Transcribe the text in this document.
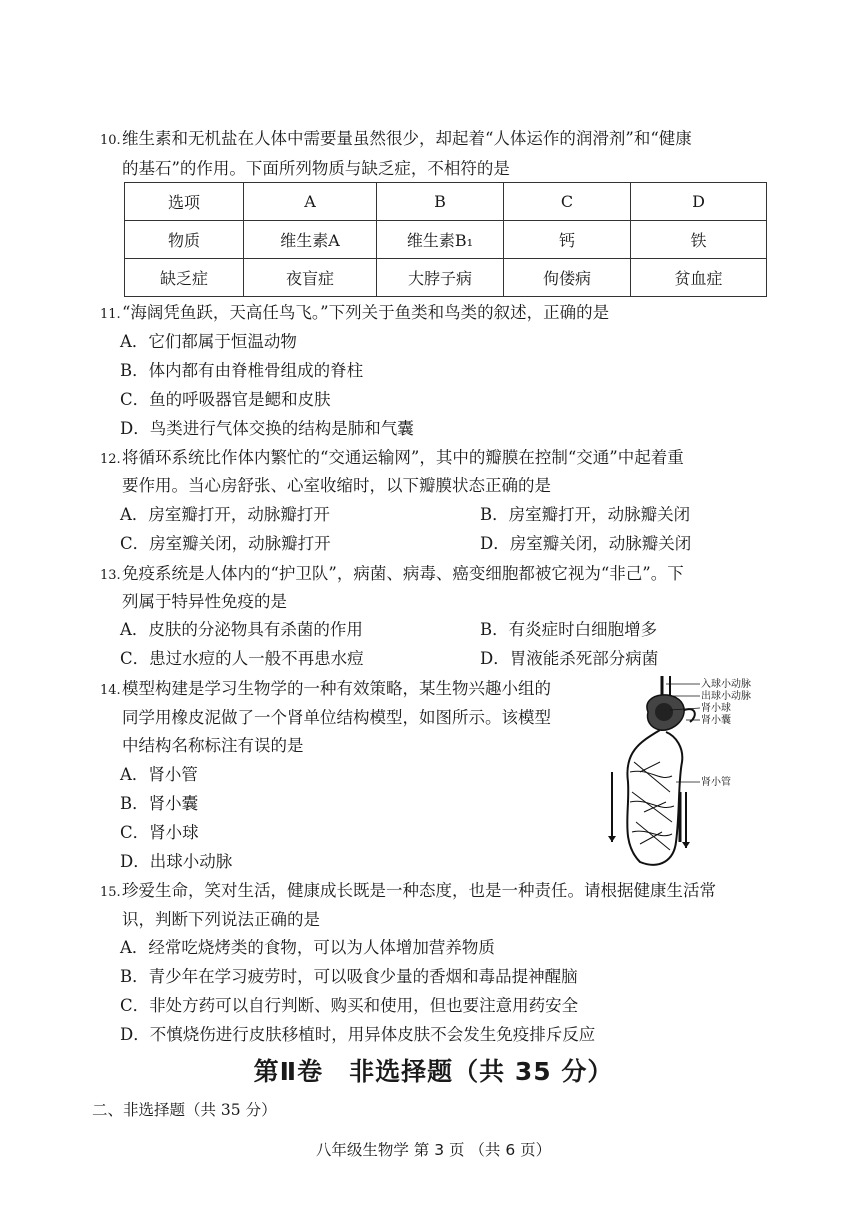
10.维生素和无机盐在人体中需要量虽然很少，却起着“人体运作的润滑剂”和“健康
的基石”的作用。下面所列物质与缺乏症，不相符的是
选项	A	B	C	D
物质	维生素A	维生素B₁	钙	铁
缺乏症	夜盲症	大脖子病	佝偻病	贫血症
11.“海阔凭鱼跃，天高任鸟飞。”下列关于鱼类和鸟类的叙述，正确的是
A．它们都属于恒温动物
B．体内都有由脊椎骨组成的脊柱
C．鱼的呼吸器官是鳃和皮肤
D．鸟类进行气体交换的结构是肺和气囊
12.将循环系统比作体内繁忙的“交通运输网”，其中的瓣膜在控制“交通”中起着重
要作用。当心房舒张、心室收缩时，以下瓣膜状态正确的是
A．房室瓣打开，动脉瓣打开	B．房室瓣打开，动脉瓣关闭
C．房室瓣关闭，动脉瓣打开	D．房室瓣关闭，动脉瓣关闭
13.免疫系统是人体内的“护卫队”，病菌、病毒、癌变细胞都被它视为“非己”。下
列属于特异性免疫的是
A．皮肤的分泌物具有杀菌的作用	B．有炎症时白细胞增多
C．患过水痘的人一般不再患水痘	D．胃液能杀死部分病菌
14.模型构建是学习生物学的一种有效策略，某生物兴趣小组的
同学用橡皮泥做了一个肾单位结构模型，如图所示。该模型
中结构名称标注有误的是
A．肾小管
B．肾小囊
C．肾小球
D．出球小动脉
入球小动脉
出球小动脉
肾小球
肾小囊
肾小管
15.珍爱生命，笑对生活，健康成长既是一种态度，也是一种责任。请根据健康生活常
识，判断下列说法正确的是
A．经常吃烧烤类的食物，可以为人体增加营养物质
B．青少年在学习疲劳时，可以吸食少量的香烟和毒品提神醒脑
C．非处方药可以自行判断、购买和使用，但也要注意用药安全
D．不慎烧伤进行皮肤移植时，用异体皮肤不会发生免疫排斥反应
第Ⅱ卷　非选择题（共 35 分）
二、非选择题（共 35 分）
八年级生物学 第 3 页 （共 6 页）
